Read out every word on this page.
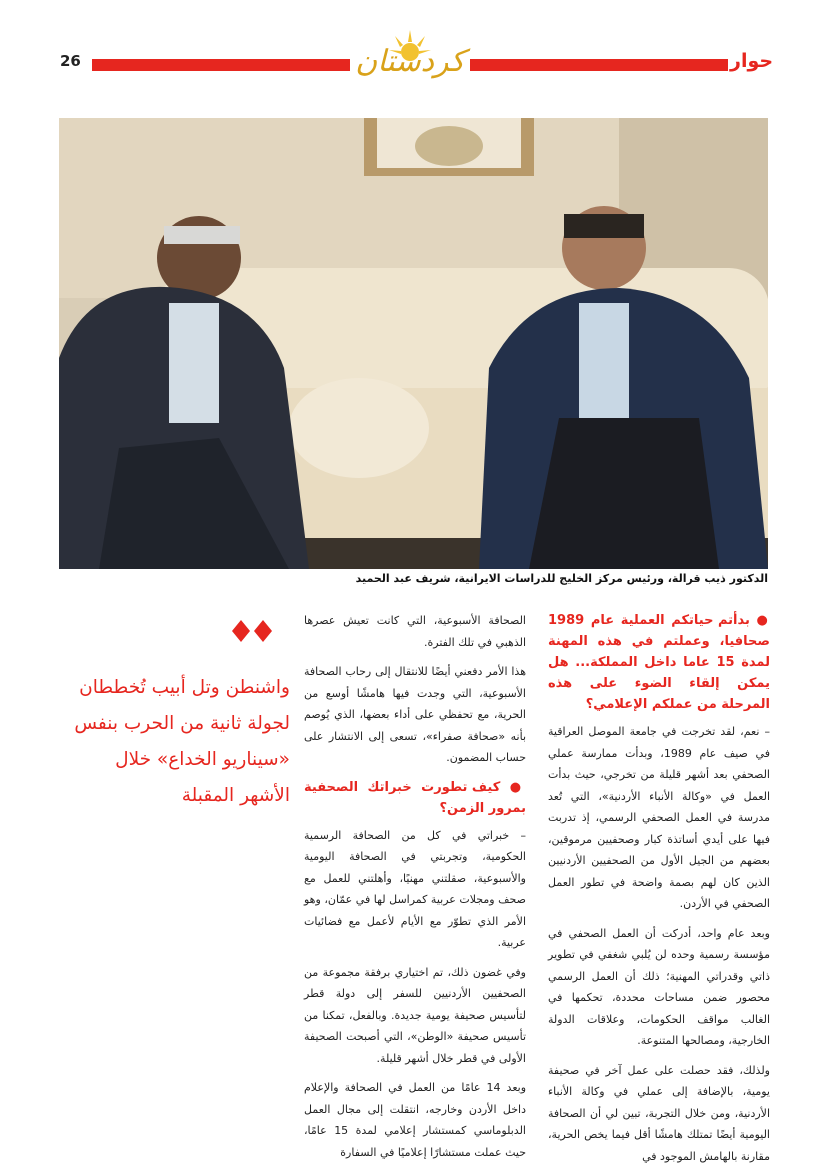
26	كردستان	حوار
الدكتور ذيب قرالة، ورئيس مركز الخليج للدراسات الايرانية، شريف عبد الحميد
واشنطن وتل أبيب تُخططان لجولة ثانية من الحرب بنفس «سيناريو الخداع» خلال الأشهر المقبلة
● بدأتم حياتكم العملية عام 1989 صحافيا، وعملتم في هذه المهنة لمدة 15 عاما داخل المملكة... هل يمكن إلقاء الضوء على هذه المرحلة من عملكم الإعلامي؟
– نعم، لقد تخرجت في جامعة الموصل العراقية في صيف عام 1989، وبدأت ممارسة عملي الصحفي بعد أشهر قليلة من تخرجي، حيث بدأت العمل في «وكالة الأنباء الأردنية»، التي تُعد مدرسة في العمل الصحفي الرسمي، إذ تدربت فيها على أيدي أساتذة كبار وصحفيين مرموقين، بعضهم من الجيل الأول من الصحفيين الأردنيين الذين كان لهم بصمة واضحة في تطور العمل الصحفي في الأردن.
وبعد عام واحد، أدركت أن العمل الصحفي في مؤسسة رسمية وحده لن يُلبي شغفي في تطوير ذاتي وقدراتي المهنية؛ ذلك أن العمل الرسمي محصور ضمن مساحات محددة، تحكمها في الغالب مواقف الحكومات، وعلاقات الدولة الخارجية، ومصالحها المتنوعة.
ولذلك، فقد حصلت على عمل آخر في صحيفة يومية، بالإضافة إلى عملي في وكالة الأنباء الأردنية، ومن خلال التجربة، تبين لي أن الصحافة اليومية أيضًا تمتلك هامشًا أقل فيما يخص الحرية، مقارنة بالهامش الموجود في
الصحافة الأسبوعية، التي كانت تعيش عصرها الذهبي في تلك الفترة.
هذا الأمر دفعني أيضًا للانتقال إلى رحاب الصحافة الأسبوعية، التي وجدت فيها هامشًا أوسع من الحرية، مع تحفظي على أداء بعضها، الذي يُوصم بأنه «صحافة صفراء»، تسعى إلى الانتشار على حساب المضمون.
● كيف تطورت خبراتك الصحفية بمرور الزمن؟
– خبراتي في كل من الصحافة الرسمية الحكومية، وتجربتي في الصحافة اليومية والأسبوعية، صقلتني مهنيًا، وأهلتني للعمل مع صحف ومجلات عربية كمراسل لها في عمّان، وهو الأمر الذي تطوّر مع الأيام لأعمل مع فضائيات عربية.
وفي غضون ذلك، تم اختياري برفقة مجموعة من الصحفيين الأردنيين للسفر إلى دولة قطر لتأسيس صحيفة يومية جديدة. وبالفعل، تمكنا من تأسيس صحيفة «الوطن»، التي أصبحت الصحيفة الأولى في قطر خلال أشهر قليلة.
وبعد 14 عامًا من العمل في الصحافة والإعلام داخل الأردن وخارجه، انتقلت إلى مجال العمل الدبلوماسي كمستشار إعلامي لمدة 15 عامًا، حيث عملت مستشارًا إعلاميًا في السفارة
